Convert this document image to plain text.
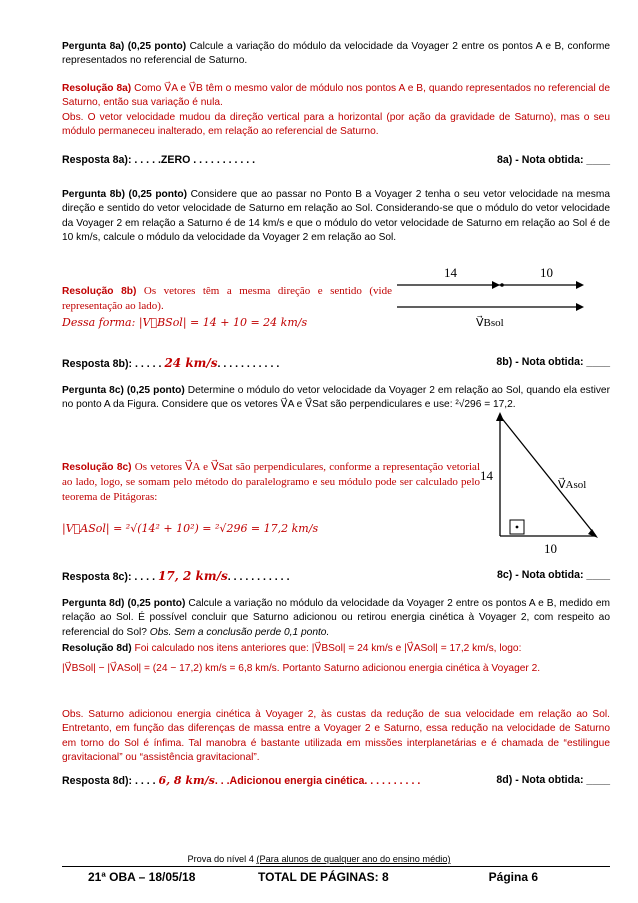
Pergunta 8a) (0,25 ponto) Calcule a variação do módulo da velocidade da Voyager 2 entre os pontos A e B, conforme representados no referencial de Saturno.
Resolução 8a) Como V⃗A e V⃗B têm o mesmo valor de módulo nos pontos A e B, quando representados no referencial de Saturno, então sua variação é nula.
Obs. O vetor velocidade mudou da direção vertical para a horizontal (por ação da gravidade de Saturno), mas o seu módulo permaneceu inalterado, em relação ao referencial de Saturno.
Resposta 8a): . . . . .ZERO . . . . . . . . . . .	8a) - Nota obtida: ____
Pergunta 8b) (0,25 ponto) Considere que ao passar no Ponto B a Voyager 2 tenha o seu vetor velocidade na mesma direção e sentido do vetor velocidade de Saturno em relação ao Sol. Considerando-se que o módulo do vetor velocidade da Voyager 2 em relação a Saturno é de 14 km/s e que o módulo do vetor velocidade de Saturno em relação ao Sol é de 10 km/s, calcule o módulo da velocidade da Voyager 2 em relação ao Sol.
Resolução 8b) Os vetores têm a mesma direção e sentido (vide representação ao lado).
Dessa forma: |V⃗BSol| = 14 + 10 = 24 km/s
14	10
V⃗Bsol
Resposta 8b): . . . . . 24 km/s. . . . . . . . . . .	8b) - Nota obtida: ____
Pergunta 8c) (0,25 ponto) Determine o módulo do vetor velocidade da Voyager 2 em relação ao Sol, quando ela estiver no ponto A da Figura. Considere que os vetores V⃗A e V⃗Sat são perpendiculares e use: ²√296 = 17,2.
Resolução 8c) Os vetores V⃗A e V⃗Sat são perpendiculares, conforme a representação vetorial ao lado, logo, se somam pelo método do paralelogramo e seu módulo pode ser calculado pelo teorema de Pitágoras:
|V⃗ASol| = ²√(14² + 10²) = ²√296 = 17,2 km/s
14
10
V⃗Asol
Resposta 8c): . . . . 17, 2 km/s. . . . . . . . . . .	8c) - Nota obtida: ____
Pergunta 8d) (0,25 ponto) Calcule a variação no módulo da velocidade da Voyager 2 entre os pontos A e B, medido em relação ao Sol. É possível concluir que Saturno adicionou ou retirou energia cinética à Voyager 2, com respeito ao referencial do Sol? Obs. Sem a conclusão perde 0,1 ponto.
Resolução 8d) Foi calculado nos itens anteriores que: |V⃗BSol| = 24 km/s e |V⃗ASol| = 17,2 km/s, logo:
|V⃗BSol| − |V⃗ASol| = (24 − 17,2) km/s = 6,8 km/s. Portanto Saturno adicionou energia cinética à Voyager 2.
Obs. Saturno adicionou energia cinética à Voyager 2, às custas da redução de sua velocidade em relação ao Sol. Entretanto, em função das diferenças de massa entre a Voyager 2 e Saturno, essa redução na velocidade de Saturno em torno do Sol é ínfima. Tal manobra é bastante utilizada em missões interplanetárias e é chamada de “estilingue gravitacional” ou “assistência gravitacional”.
Resposta 8d): . . . . 6, 8 km/s. . .Adicionou energia cinética. . . . . . . . . .	8d) - Nota obtida: ____
Prova do nível 4 (Para alunos de qualquer ano do ensino médio)
21ª OBA – 18/05/18	TOTAL DE PÁGINAS: 8	Página 6
